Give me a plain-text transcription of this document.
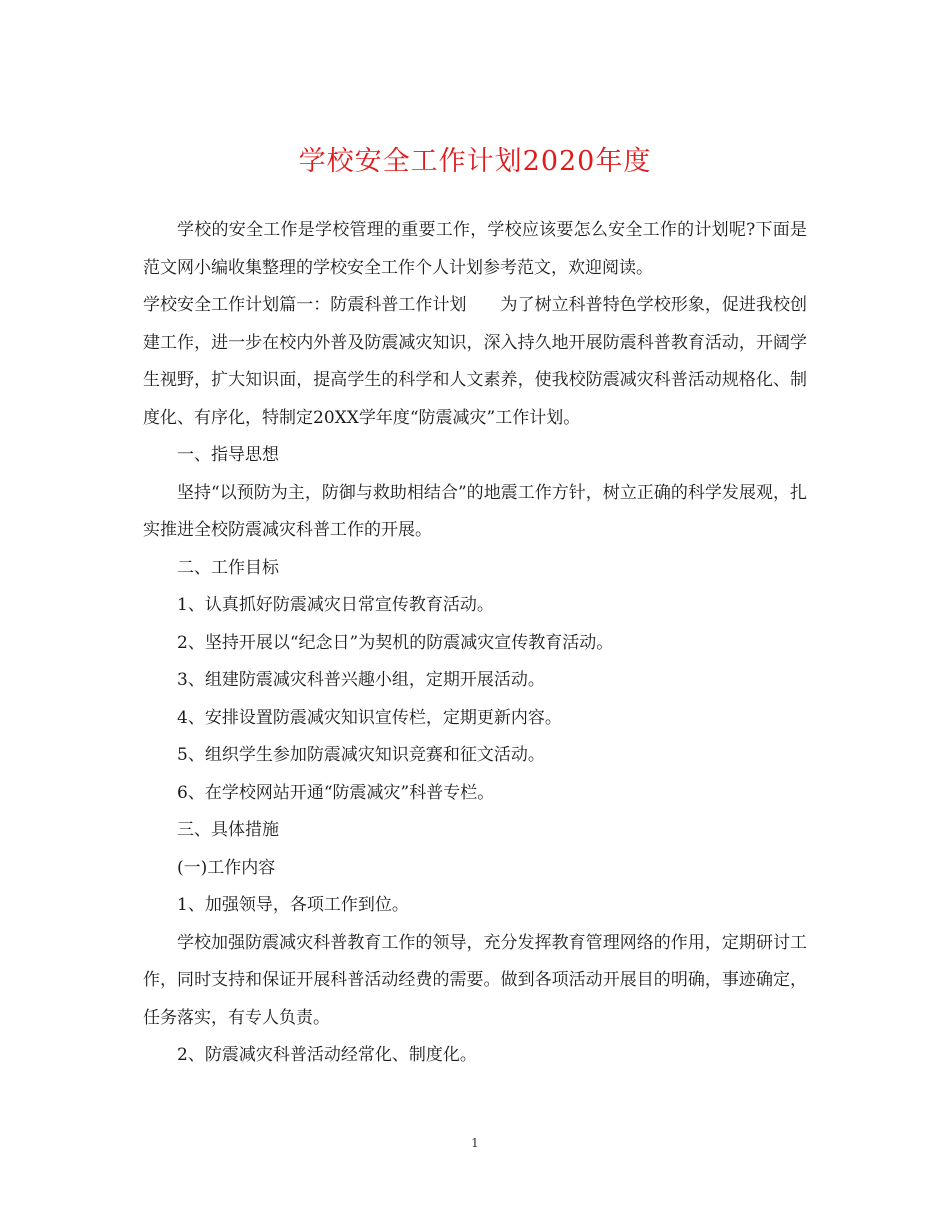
学校安全工作计划2020年度

学校的安全工作是学校管理的重要工作，学校应该要怎么安全工作的计划呢?下面是范文网小编收集整理的学校安全工作个人计划参考范文，欢迎阅读。

学校安全工作计划篇一：防震科普工作计划　　为了树立科普特色学校形象，促进我校创建工作，进一步在校内外普及防震减灾知识，深入持久地开展防震科普教育活动，开阔学生视野，扩大知识面，提高学生的科学和人文素养，使我校防震减灾科普活动规格化、制度化、有序化，特制定20XX学年度“防震减灾”工作计划。

一、指导思想

坚持“以预防为主，防御与救助相结合”的地震工作方针，树立正确的科学发展观，扎实推进全校防震减灾科普工作的开展。

二、工作目标

1、认真抓好防震减灾日常宣传教育活动。

2、坚持开展以“纪念日”为契机的防震减灾宣传教育活动。

3、组建防震减灾科普兴趣小组，定期开展活动。

4、安排设置防震减灾知识宣传栏，定期更新内容。

5、组织学生参加防震减灾知识竞赛和征文活动。

6、在学校网站开通“防震减灾”科普专栏。

三、具体措施

(一)工作内容

1、加强领导，各项工作到位。

学校加强防震减灾科普教育工作的领导，充分发挥教育管理网络的作用，定期研讨工作，同时支持和保证开展科普活动经费的需要。做到各项活动开展目的明确，事迹确定，任务落实，有专人负责。

2、防震减灾科普活动经常化、制度化。

1
